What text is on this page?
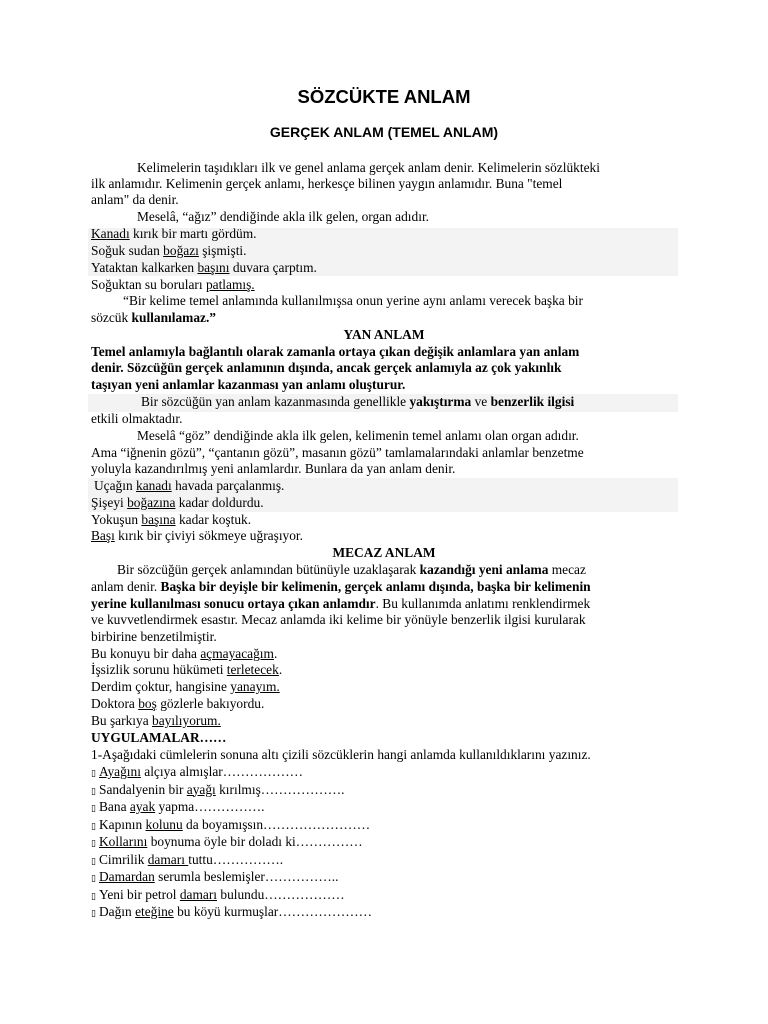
SÖZCÜKTE ANLAM
GERÇEK ANLAM (TEMEL ANLAM)
Kelimelerin taşıdıkları ilk ve genel anlama gerçek anlam denir. Kelimelerin sözlükteki
ilk anlamıdır. Kelimenin gerçek anlamı, herkesçe bilinen yaygın anlamıdır. Buna "temel
anlam" da denir.
Meselâ, “ağız” dendiğinde akla ilk gelen, organ adıdır.
Kanadı kırık bir martı gördüm.
Soğuk sudan boğazı şişmişti.
Yataktan kalkarken başını duvara çarptım.
Soğuktan su boruları patlamış.
“Bir kelime temel anlamında kullanılmışsa onun yerine aynı anlamı verecek başka bir
sözcük kullanılamaz.”
YAN ANLAM
Temel anlamıyla bağlantılı olarak zamanla ortaya çıkan değişik anlamlara yan anlam
denir. Sözcüğün gerçek anlamının dışında, ancak gerçek anlamıyla az çok yakınlık
taşıyan yeni anlamlar kazanması yan anlamı oluşturur.
Bir sözcüğün yan anlam kazanmasında genellikle yakıştırma ve benzerlik ilgisi
etkili olmaktadır.
Meselâ “göz” dendiğinde akla ilk gelen, kelimenin temel anlamı olan organ adıdır.
Ama “iğnenin gözü”, “çantanın gözü”, masanın gözü” tamlamalarındaki anlamlar benzetme
yoluyla kazandırılmış yeni anlamlardır. Bunlara da yan anlam denir.
Uçağın kanadı havada parçalanmış.
Şişeyi boğazına kadar doldurdu.
Yokuşun başına kadar koştuk.
Başı kırık bir çiviyi sökmeye uğraşıyor.
MECAZ ANLAM
Bir sözcüğün gerçek anlamından bütünüyle uzaklaşarak kazandığı yeni anlama mecaz
anlam denir. Başka bir deyişle bir kelimenin, gerçek anlamı dışında, başka bir kelimenin
yerine kullanılması sonucu ortaya çıkan anlamdır. Bu kullanımda anlatımı renklendirmek
ve kuvvetlendirmek esastır. Mecaz anlamda iki kelime bir yönüyle benzerlik ilgisi kurularak
birbirine benzetilmiştir.
Bu konuyu bir daha açmayacağım.
İşsizlik sorunu hükümeti terletecek.
Derdim çoktur, hangisine yanayım.
Doktora boş gözlerle bakıyordu.
Bu şarkıya bayılıyorum.
UYGULAMALAR……
1-Aşağıdaki cümlelerin sonuna altı çizili sözcüklerin hangi anlamda kullanıldıklarını yazınız.
▯ Ayağını alçıya almışlar………………
▯ Sandalyenin bir ayağı kırılmış……………….
▯ Bana ayak yapma…………….
▯ Kapının kolunu da boyamışsın……………………
▯ Kollarını boynuma öyle bir doladı ki……………
▯ Cimrilik damarı tuttu…………….
▯ Damardan serumla beslemişler……………..
▯ Yeni bir petrol damarı bulundu………………
▯ Dağın eteğine bu köyü kurmuşlar…………………
